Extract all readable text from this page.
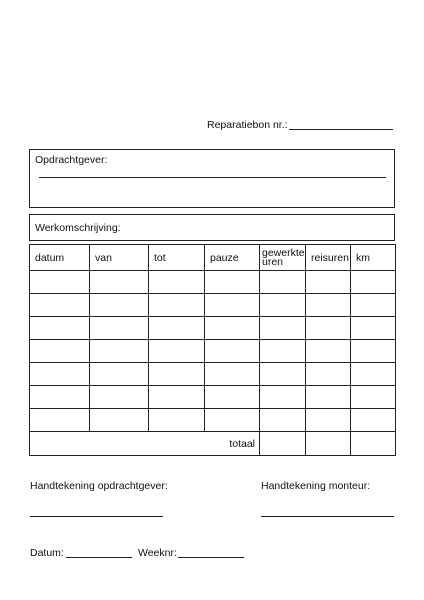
Reparatiebon nr.:
Opdrachtgever:
Werkomschrijving:
datum	van	tot	pauze	gewerkte uren	reisuren	km

totaal						
Handtekening opdrachtgever:	Handtekening monteur:
Datum:	Weeknr:
